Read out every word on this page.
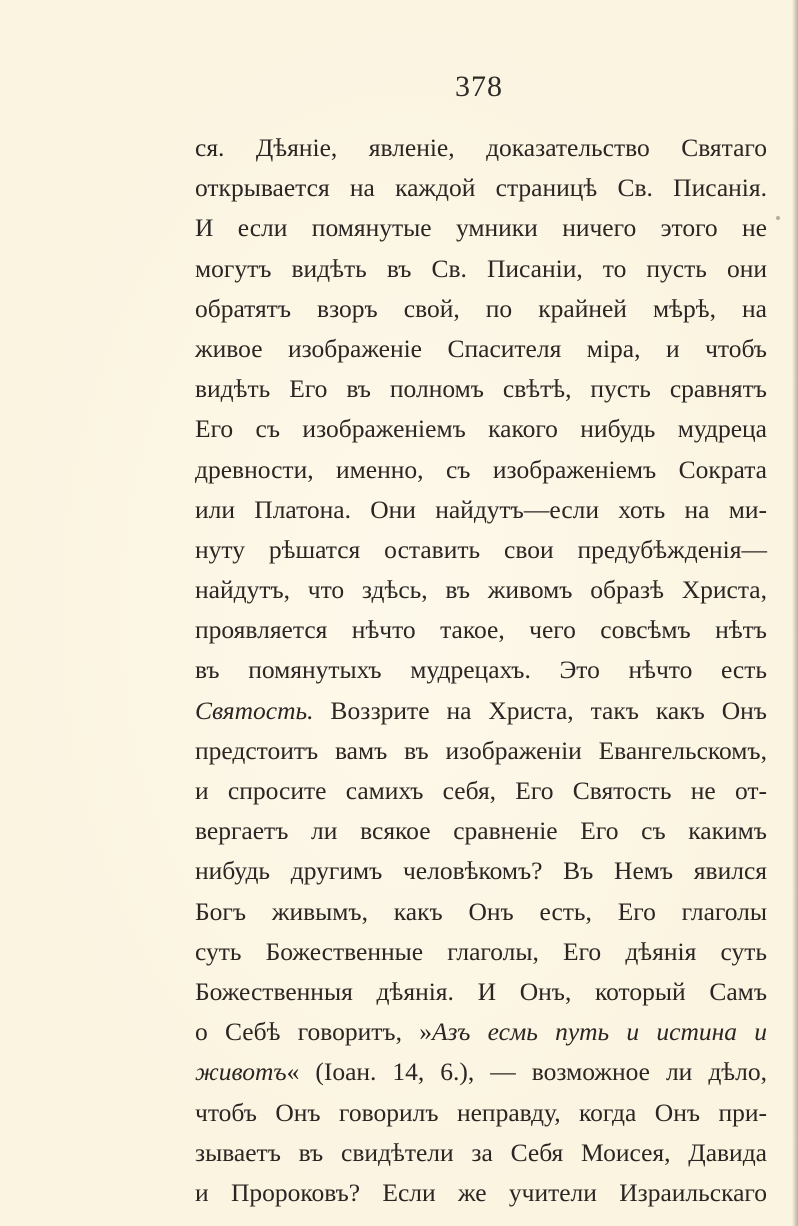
378
ся. Дѣяніе, явленіе, доказательство Святаго
открывается на каждой страницѣ Св. Писанія.
И если помянутые умники ничего этого не
могутъ видѣть въ Св. Писаніи, то пусть они
обратятъ взоръ свой, по крайней мѣрѣ, на
живое изображеніе Спасителя міра, и чтобъ
видѣть Его въ полномъ свѣтѣ, пусть сравнятъ
Его съ изображеніемъ какого нибудь мудреца
древности, именно, съ изображеніемъ Сократа
или Платона. Они найдутъ—если хоть на ми-
нуту рѣшатся оставить свои предубѣжденія—
найдутъ, что здѣсь, въ живомъ образѣ Христа,
проявляется нѣчто такое, чего совсѣмъ нѣтъ
въ помянутыхъ мудрецахъ. Это нѣчто есть
Святость. Воззрите на Христа, такъ какъ Онъ
предстоитъ вамъ въ изображеніи Евангельскомъ,
и спросите самихъ себя, Его Святость не от-
вергаетъ ли всякое сравненіе Его съ какимъ
нибудь другимъ человѣкомъ? Въ Немъ явился
Богъ живымъ, какъ Онъ есть, Его глаголы
суть Божественные глаголы, Его дѣянія суть
Божественныя дѣянія. И Онъ, который Самъ
о Себѣ говоритъ, »Азъ есмь путь и истина и
животъ« (Іоан. 14, 6.), — возможное ли дѣло,
чтобъ Онъ говорилъ неправду, когда Онъ при-
зываетъ въ свидѣтели за Себя Моисея, Давида
и Пророковъ? Если же учители Израильскаго
